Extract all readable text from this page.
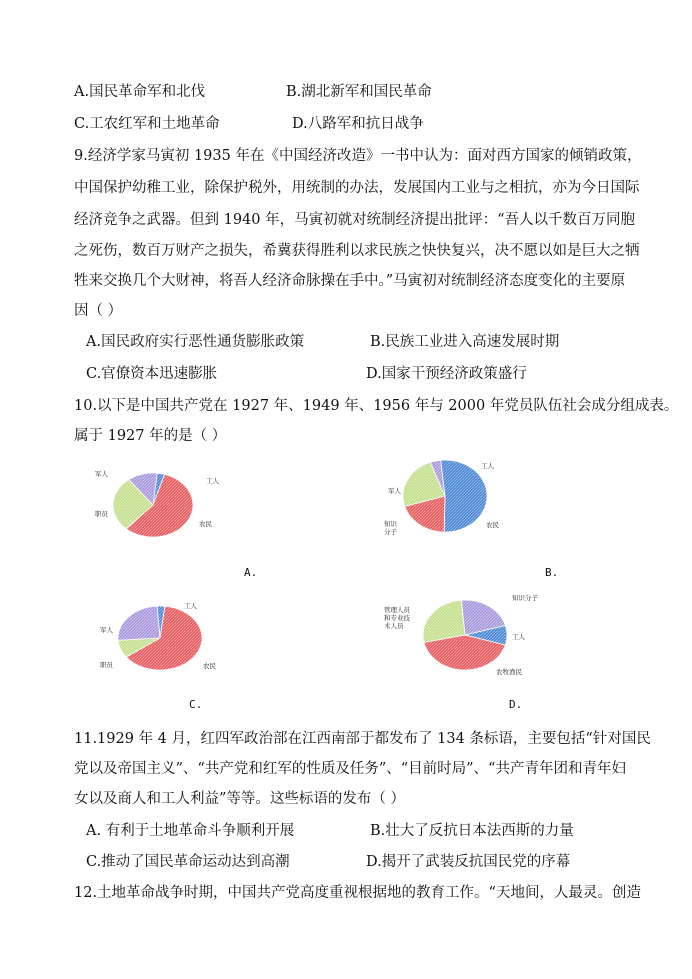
A.国民革命军和北伐	B.湖北新军和国民革命
C.工农红军和土地革命	D.八路军和抗日战争
9.经济学家马寅初 1935 年在《中国经济改造》一书中认为：面对西方国家的倾销政策，
中国保护幼稚工业，除保护税外，用统制的办法，发展国内工业与之相抗，亦为今日国际
经济竞争之武器。但到 1940 年，马寅初就对统制经济提出批评：“吾人以千数百万同胞
之死伤，数百万财产之损失，希冀获得胜利以求民族之快快复兴，决不愿以如是巨大之牺
牲来交换几个大财神，将吾人经济命脉操在手中。”马寅初对统制经济态度变化的主要原
因（ ）
A.国民政府实行恶性通货膨胀政策	B.民族工业进入高速发展时期
C.官僚资本迅速膨胀	D.国家干预经济政策盛行
10.以下是中国共产党在 1927 年、1949 年、1956 年与 2000 年党员队伍社会成分组成表。
属于 1927 年的是（ ）
军人
工人
职员
农民
A.
工人
军人
知识
分子
农民
B.
工人
军人
职员	农民
C.
知识分子
管理人员
和专业技
术人员
工人
农牧渔民
D.
11.1929 年 4 月，红四军政治部在江西南部于都发布了 134 条标语，主要包括“针对国民
党以及帝国主义”、“共产党和红军的性质及任务”、“目前时局”、“共产青年团和青年妇
女以及商人和工人利益”等等。这些标语的发布（ ）
A. 有利于土地革命斗争顺利开展	B.壮大了反抗日本法西斯的力量
C.推动了国民革命运动达到高潮	D.揭开了武装反抗国民党的序幕
12.土地革命战争时期，中国共产党高度重视根据地的教育工作。“天地间，人最灵。创造
